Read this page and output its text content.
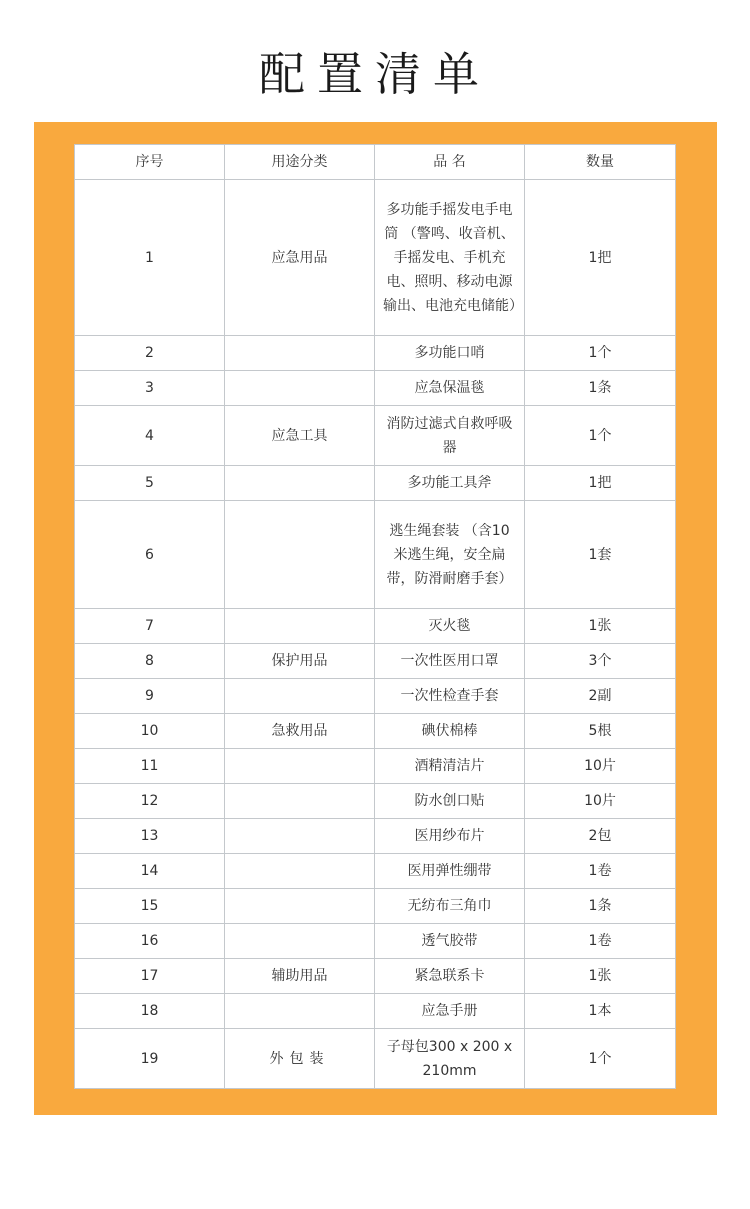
配置清单
序号	用途分类	品 名	数量
1	应急用品	多功能手摇发电手电筒 （警鸣、收音机、手摇发电、手机充电、照明、移动电源输出、电池充电储能）	1把
2		多功能口哨	1个
3		应急保温毯	1条
4	应急工具	消防过滤式自救呼吸器	1个
5		多功能工具斧	1把
6		逃生绳套装 （含10米逃生绳，安全扁带，防滑耐磨手套）	1套
7		灭火毯	1张
8	保护用品	一次性医用口罩	3个
9		一次性检查手套	2副
10	急救用品	碘伏棉棒	5根
11		酒精清洁片	10片
12		防水创口贴	10片
13		医用纱布片	2包
14		医用弹性绷带	1卷
15		无纺布三角巾	1条
16		透气胶带	1卷
17	辅助用品	紧急联系卡	1张
18		应急手册	1本
19	外包装	子母包300 x 200 x 210mm	1个
